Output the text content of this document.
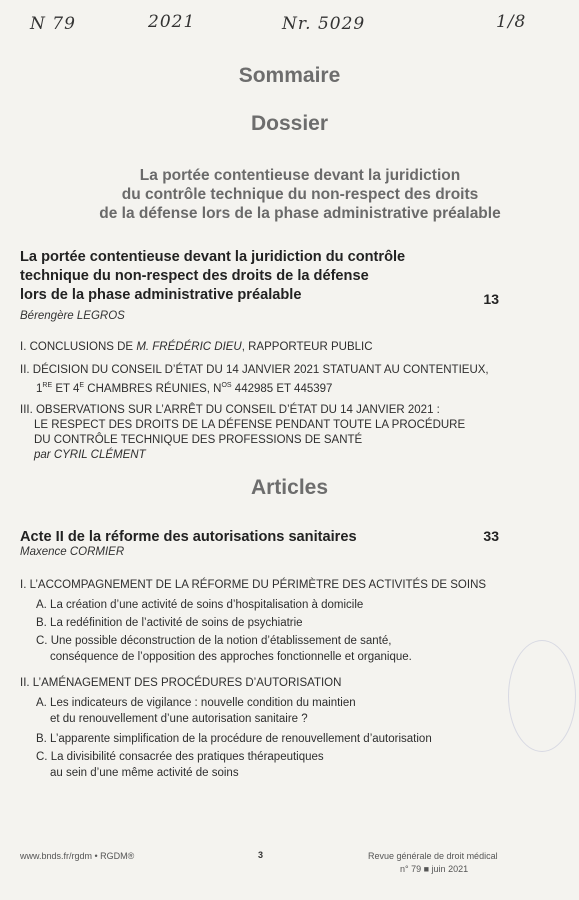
N 79	2021	Nr. 5029	1/8
Sommaire
Dossier
La portée contentieuse devant la juridiction
du contrôle technique du non-respect des droits
de la défense lors de la phase administrative préalable
La portée contentieuse devant la juridiction du contrôle
technique du non-respect des droits de la défense
lors de la phase administrative préalable	13
Bérengère LEGROS
I. CONCLUSIONS DE M. FRÉDÉRIC DIEU, RAPPORTEUR PUBLIC
II. DÉCISION DU CONSEIL D’ÉTAT DU 14 JANVIER 2021 STATUANT AU CONTENTIEUX,
1RE ET $4^E$ CHAMBRES RÉUNIES, $N^{OS}$ 442985 ET 445397
III. OBSERVATIONS SUR L’ARRÊT DU CONSEIL D’ÉTAT DU 14 JANVIER 2021 :
LE RESPECT DES DROITS DE LA DÉFENSE PENDANT TOUTE LA PROCÉDURE
DU CONTRÔLE TECHNIQUE DES PROFESSIONS DE SANTÉ
par CYRIL CLÉMENT
Articles
Acte II de la réforme des autorisations sanitaires	33
Maxence CORMIER
I. L’ACCOMPAGNEMENT DE LA RÉFORME DU PÉRIMÈTRE DES ACTIVITÉS DE SOINS
A. La création d’une activité de soins d’hospitalisation à domicile
B. La redéfinition de l’activité de soins de psychiatrie
C. Une possible déconstruction de la notion d’établissement de santé,
conséquence de l’opposition des approches fonctionnelle et organique.
II. L’AMÉNAGEMENT DES PROCÉDURES D’AUTORISATION
A. Les indicateurs de vigilance : nouvelle condition du maintien
et du renouvellement d’une autorisation sanitaire ?
B. L’apparente simplification de la procédure de renouvellement d’autorisation
C. La divisibilité consacrée des pratiques thérapeutiques
au sein d’une même activité de soins
www.bnds.fr/rgdm • RGDM®	3	Revue générale de droit médical
n° 79 ■ juin 2021
